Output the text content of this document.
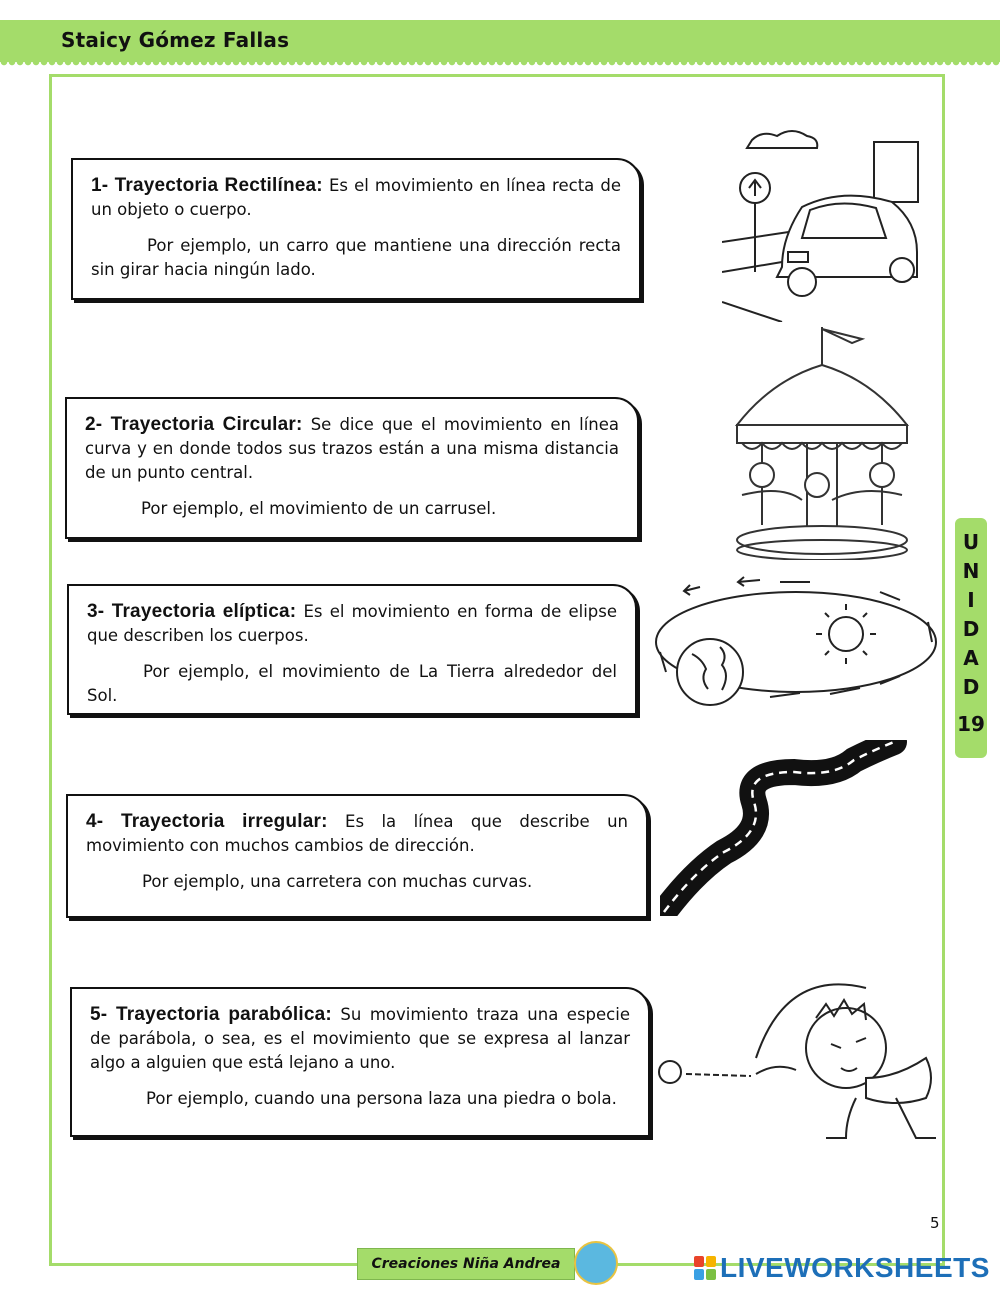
Staicy Gómez Fallas

1- Trayectoria Rectilínea: Es el movimiento en línea recta de un objeto o cuerpo.

Por ejemplo, un carro que mantiene una dirección recta sin girar hacia ningún lado.

2- Trayectoria Circular: Se dice que el movimiento en línea curva y en donde todos sus trazos están a una misma distancia de un punto central.

Por ejemplo, el movimiento de un carrusel.

3- Trayectoria elíptica: Es el movimiento en forma de elipse que describen los cuerpos.

Por ejemplo, el movimiento de La Tierra alrededor del Sol.

4- Trayectoria irregular: Es la línea que describe un movimiento con muchos cambios de dirección.

Por ejemplo, una carretera con muchas curvas.

5- Trayectoria parabólica: Su movimiento traza una especie de parábola, o sea, es el movimiento que se expresa al lanzar algo a alguien que está lejano a uno.

Por ejemplo, cuando una persona laza una piedra o bola.

U
N
I
D
A
D
19
5
Creaciones Niña Andrea	LIVEWORKSHEETS
